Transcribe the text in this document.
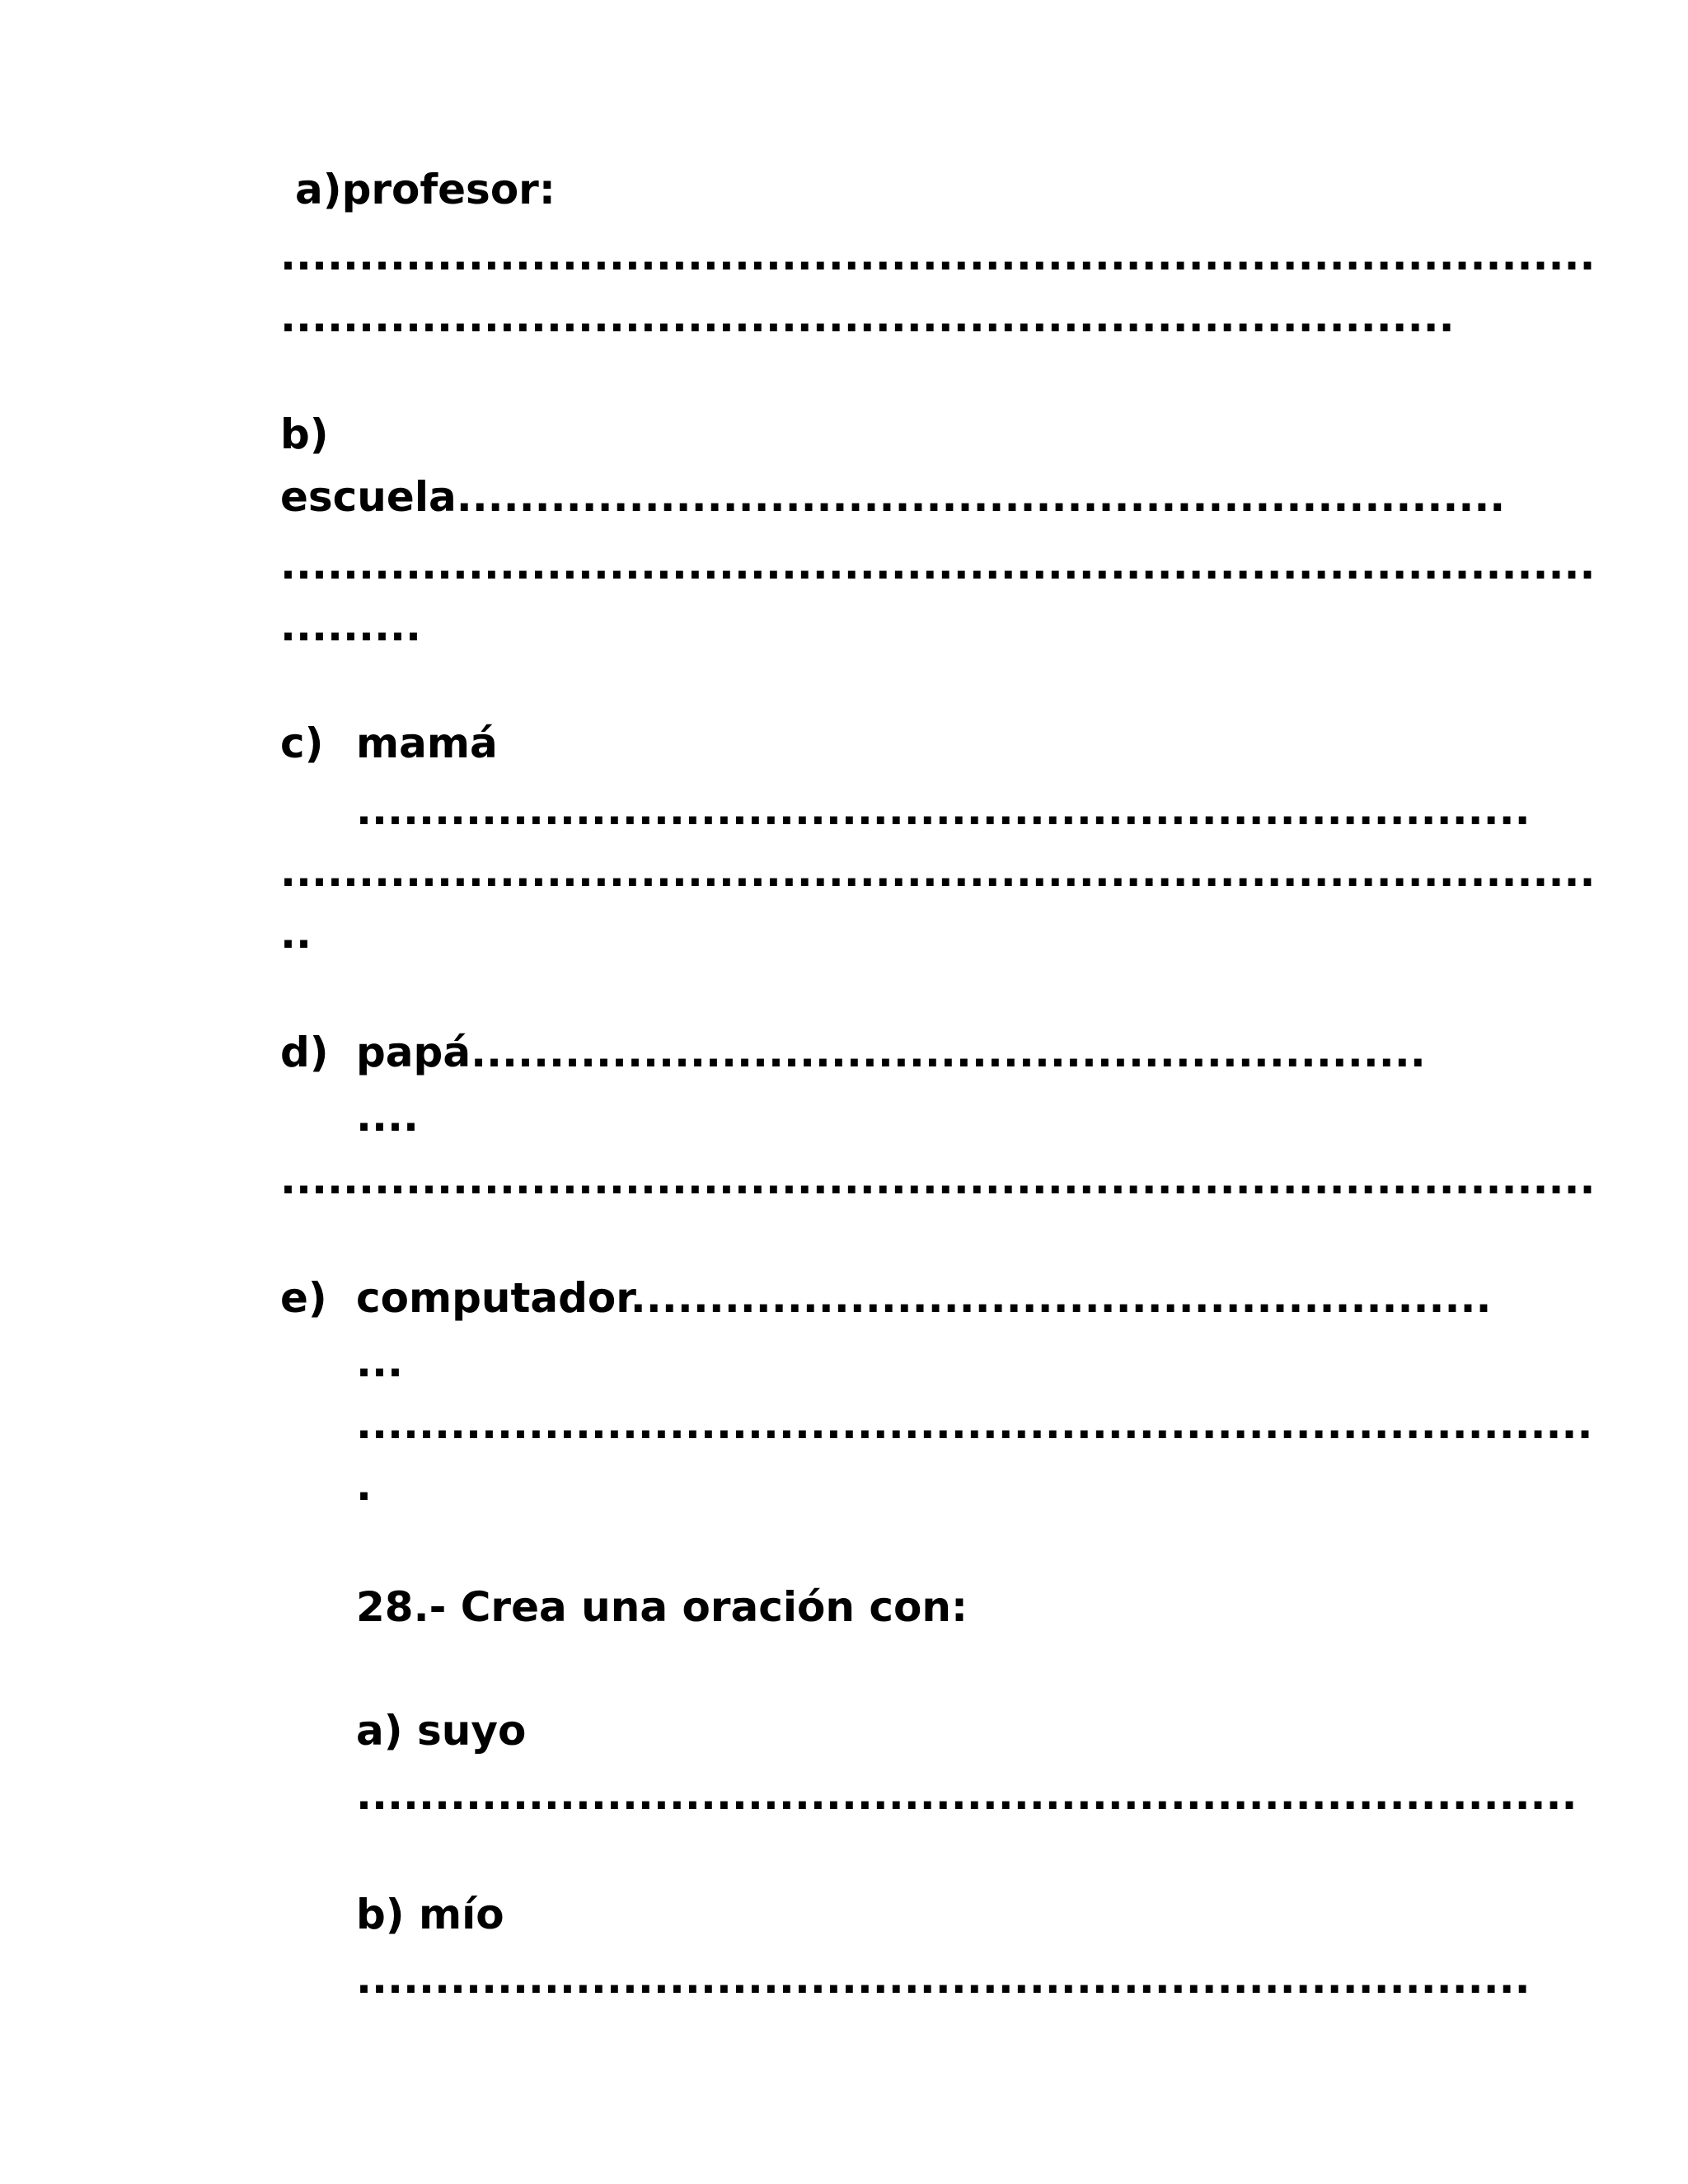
a)profesor:
....................................................................................
...........................................................................
b)
escuela...................................................................
....................................................................................
.........
c) mamá
...........................................................................
....................................................................................
..
d) papá.............................................................
....
....................................................................................
e) computador.......................................................
...
...............................................................................
.
28.- Crea una oración con:
a) suyo
..............................................................................
b) mío
...........................................................................
